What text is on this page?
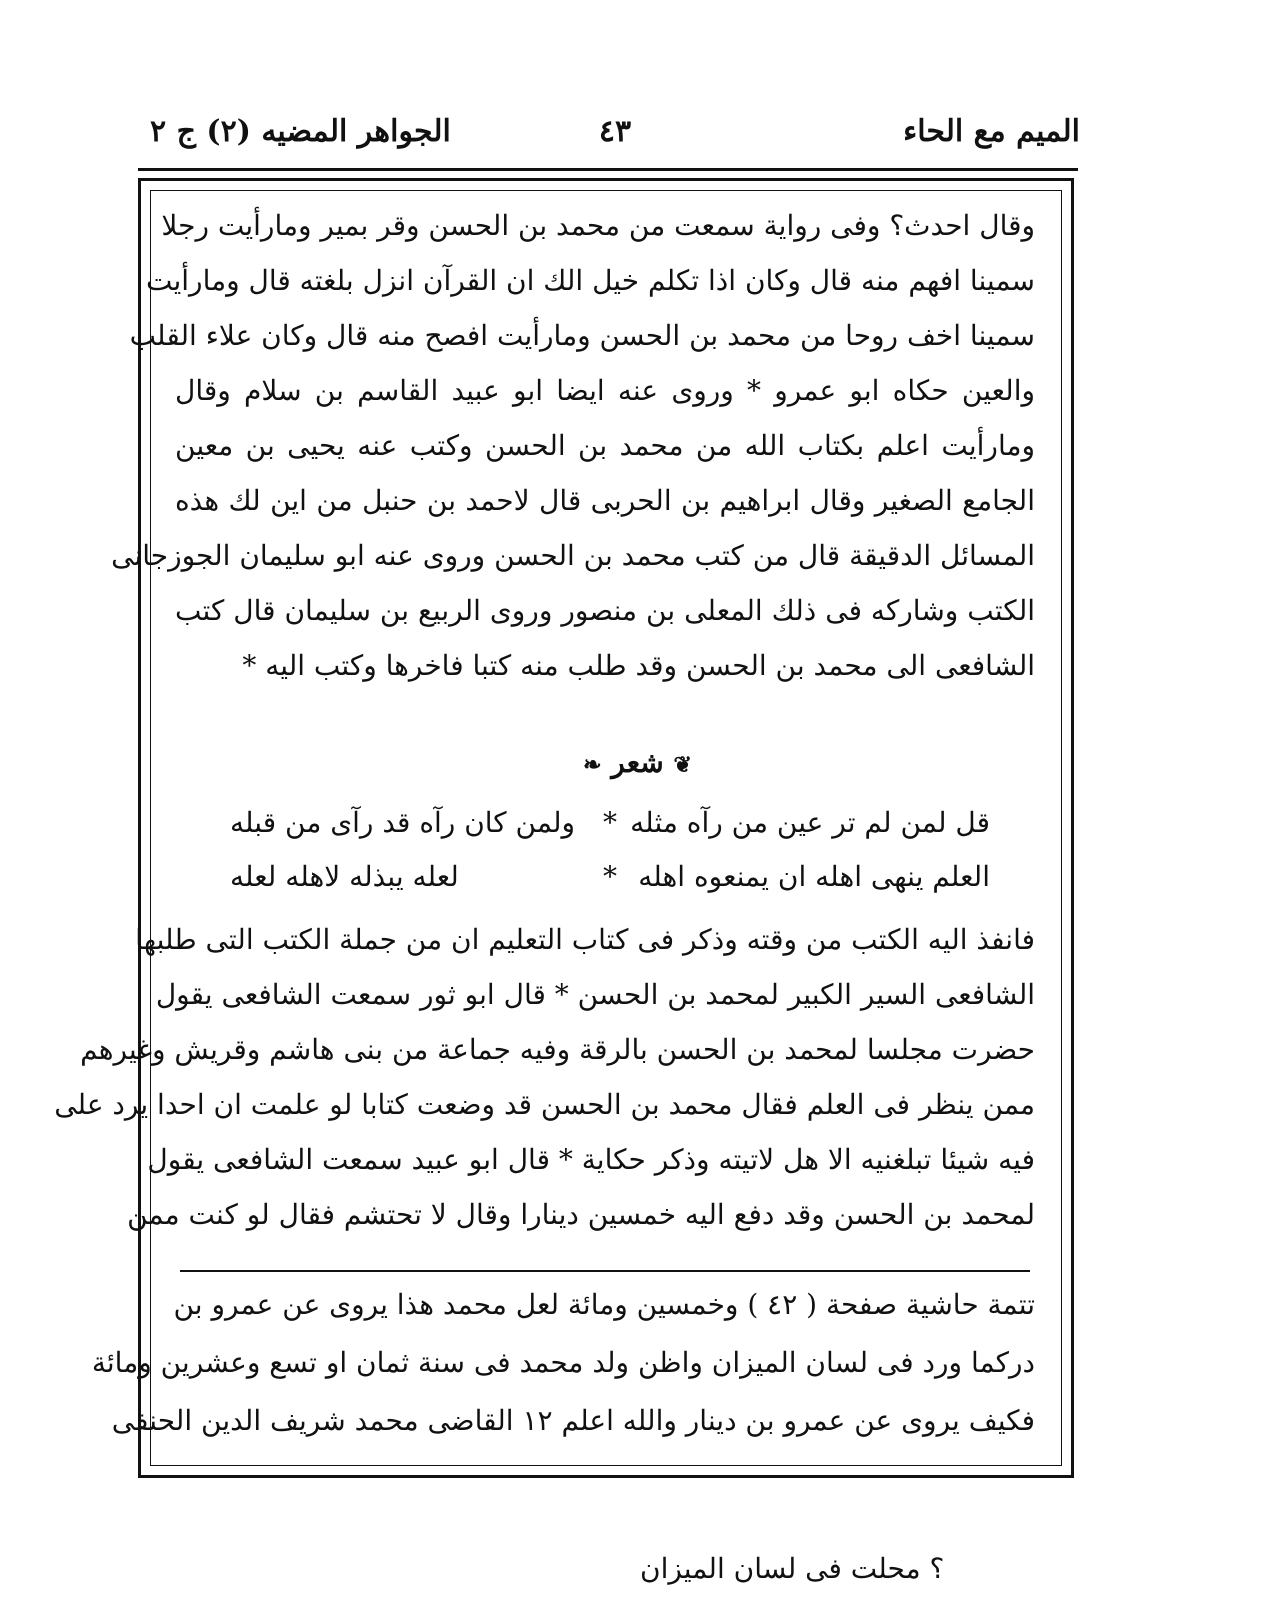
المیم مع الحاء
٤٣
الجواهر المضیه (٢) ج ٢
وقال احدث؟ وفی روایة سمعت من محمد بن الحسن وقر بمیر ومارأیت رجلا
سمینا افهم منه قال وکان اذا تکلم خیل الك ان القرآن انزل بلغته قال ومارأیت
سمینا اخف روحا من محمد بن الحسن ومارأیت افصح منه قال وکان علاء القلب
والعین حکاه ابو عمرو * وروی عنه ایضا ابو عبید القاسم بن سلام وقال
ومارأیت اعلم بکتاب الله من محمد بن الحسن وکتب عنه یحیی بن معین
الجامع الصغیر وقال ابراهیم بن الحربی قال لاحمد بن حنبل من این لك هذه
المسائل الدقیقة قال من کتب محمد بن الحسن وروی عنه ابو سلیمان الجوزجانی
الکتب وشارکه فی ذلك المعلی بن منصور وروی الربیع بن سلیمان قال کتب
الشافعی الی محمد بن الحسن وقد طلب منه کتبا فاخرها وکتب الیه *
❦ شعر ❧
قل لمن لم تر عین من رآه مثله
*
ولمن کان رآه قد رآی من قبله
العلم ینهی اهله ان یمنعوه اهله
*
لعله یبذله لاهله لعله
فانفذ الیه الکتب من وقته وذکر فی کتاب التعلیم ان من جملة الکتب التی طلبها
الشافعی السیر الکبیر لمحمد بن الحسن * قال ابو ثور سمعت الشافعی یقول
حضرت مجلسا لمحمد بن الحسن بالرقة وفیه جماعة من بنی هاشم وقریش وغیرهم
ممن ینظر فی العلم فقال محمد بن الحسن قد وضعت کتابا لو علمت ان احدا یرد علی
فیه شیئا تبلغنیه الا هل لاتیته وذکر حکایة * قال ابو عبید سمعت الشافعی یقول
لمحمد بن الحسن وقد دفع الیه خمسین دینارا وقال لا تحتشم فقال لو کنت ممن
تتمة حاشیة صفحة ( ٤٢ ) وخمسین ومائة لعل محمد هذا یروی عن عمرو بن
درکما ورد فی لسان المیزان واظن ولد محمد فی سنة ثمان او تسع وعشرین ومائة
فکیف یروی عن عمرو بن دینار والله اعلم ١٢ القاضی محمد شریف الدین الحنفی
؟ محلت فی لسان المیزان
